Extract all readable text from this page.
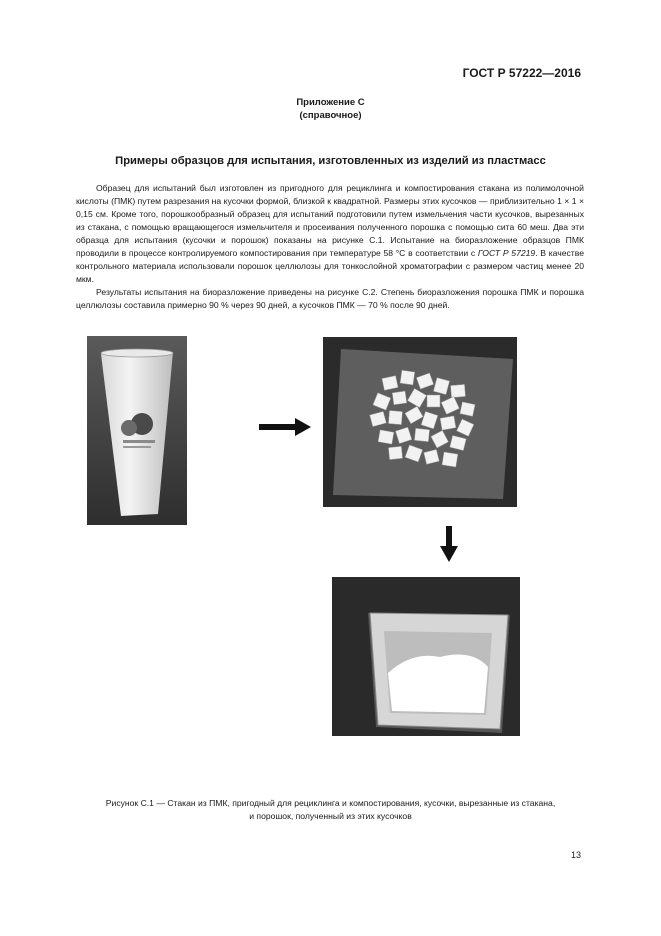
ГОСТ Р 57222—2016
Приложение С
(справочное)
Примеры образцов для испытания, изготовленных из изделий из пластмасс

Образец для испытаний был изготовлен из пригодного для рециклинга и компостирования стакана из полимолочной кислоты (ПМК) путем разрезания на кусочки формой, близкой к квадратной. Размеры этих кусочков — приблизительно 1 × 1 × 0,15 см. Кроме того, порошкообразный образец для испытаний подготовили путем измельчения части кусочков, вырезанных из стакана, с помощью вращающегося измельчителя и просеивания полученного порошка с помощью сита 60 меш. Два эти образца для испытания (кусочки и порошок) показаны на рисунке С.1. Испытание на биоразложение образцов ПМК проводили в процессе контролируемого компостирования при температуре 58 °С в соответствии с ГОСТ Р 57219. В качестве контрольного материала использовали порошок целлюлозы для тонкослойной хроматографии с размером частиц менее 20 мкм.

Результаты испытания на биоразложение приведены на рисунке С.2. Степень биоразложения порошка ПМК и порошка целлюлозы составила примерно 90 % через 90 дней, а кусочков ПМК — 70 % после 90 дней.

Рисунок С.1 — Стакан из ПМК, пригодный для рециклинга и компостирования, кусочки, вырезанные из стакана,
и порошок, полученный из этих кусочков
13
